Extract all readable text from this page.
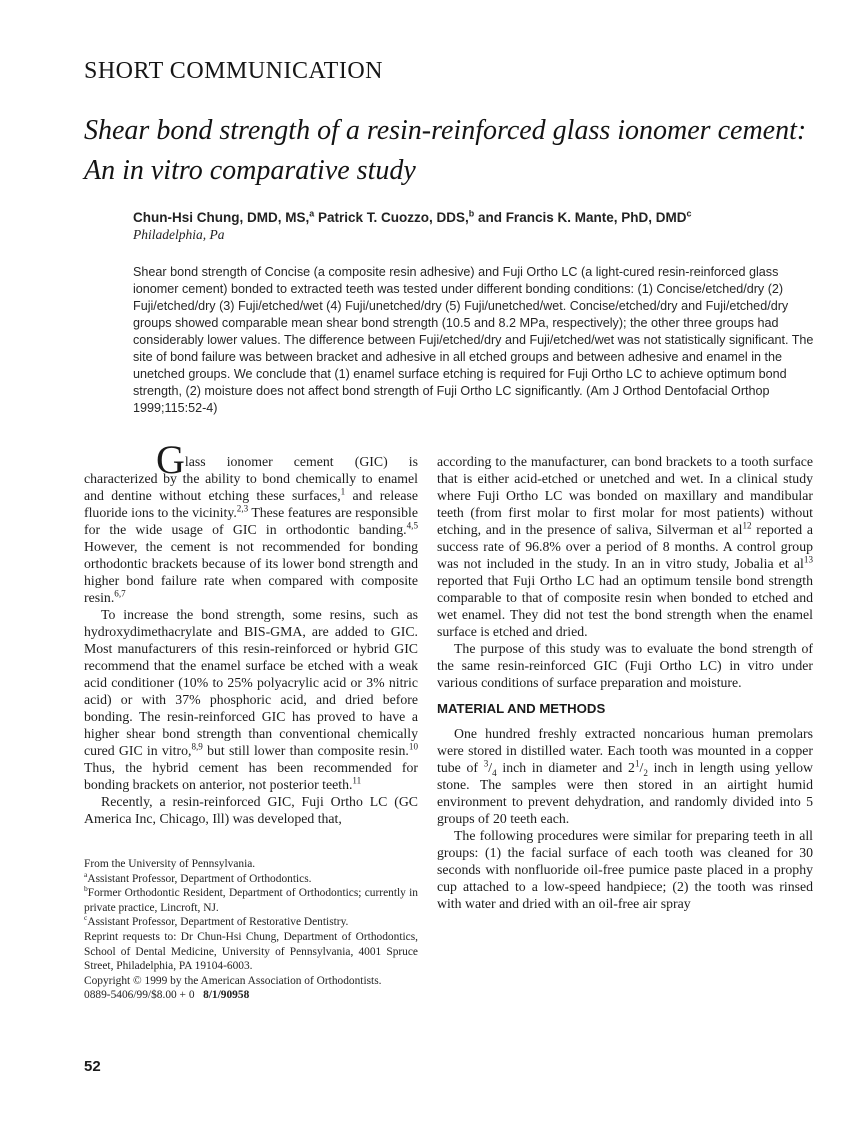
SHORT COMMUNICATION
Shear bond strength of a resin-reinforced glass ionomer cement:
An in vitro comparative study
Chun-Hsi Chung, DMD, MS,$^a$ Patrick T. Cuozzo, DDS,$^b$ and Francis K. Mante, PhD, DMD$^c$
Philadelphia, Pa
Shear bond strength of Concise (a composite resin adhesive) and Fuji Ortho LC (a light-cured resin-reinforced glass ionomer cement) bonded to extracted teeth was tested under different bonding conditions: (1) Concise/etched/dry (2) Fuji/etched/dry (3) Fuji/etched/wet (4) Fuji/unetched/dry (5) Fuji/unetched/wet. Concise/etched/dry and Fuji/etched/dry groups showed comparable mean shear bond strength (10.5 and 8.2 MPa, respectively); the other three groups had considerably lower values. The difference between Fuji/etched/dry and Fuji/etched/wet was not statistically significant. The site of bond failure was between bracket and adhesive in all etched groups and between adhesive and enamel in the unetched groups. We conclude that (1) enamel surface etching is required for Fuji Ortho LC to achieve optimum bond strength, (2) moisture does not affect bond strength of Fuji Ortho LC significantly. (Am J Orthod Dentofacial Orthop 1999;115:52-4)

Glass ionomer cement (GIC) is characterized by the ability to bond chemically to enamel and dentine without etching these surfaces,$^1$ and release fluoride ions to the vicinity.$^{2,3}$ These features are responsible for the wide usage of GIC in orthodontic banding.$^{4,5}$ However, the cement is not recommended for bonding orthodontic brackets because of its lower bond strength and higher bond failure rate when compared with composite resin.$^{6,7}$

To increase the bond strength, some resins, such as hydroxydimethacrylate and BIS-GMA, are added to GIC. Most manufacturers of this resin-reinforced or hybrid GIC recommend that the enamel surface be etched with a weak acid conditioner (10% to 25% polyacrylic acid or 3% nitric acid) or with 37% phosphoric acid, and dried before bonding. The resin-reinforced GIC has proved to have a higher shear bond strength than conventional chemically cured GIC in vitro,$^{8,9}$ but still lower than composite resin.$^{10}$ Thus, the hybrid cement has been recommended for bonding brackets on anterior, not posterior teeth.$^{11}$

Recently, a resin-reinforced GIC, Fuji Ortho LC (GC America Inc, Chicago, Ill) was developed that,

From the University of Pennsylvania.

$^a$Assistant Professor, Department of Orthodontics.

$^b$Former Orthodontic Resident, Department of Orthodontics; currently in private practice, Lincroft, NJ.

$^c$Assistant Professor, Department of Restorative Dentistry.

Reprint requests to: Dr Chun-Hsi Chung, Department of Orthodontics, School of Dental Medicine, University of Pennsylvania, 4001 Spruce Street, Philadelphia, PA 19104-6003.

Copyright © 1999 by the American Association of Orthodontists.

0889-5406/99/$8.00 + 0   8/1/90958

according to the manufacturer, can bond brackets to a tooth surface that is either acid-etched or unetched and wet. In a clinical study where Fuji Ortho LC was bonded on maxillary and mandibular teeth (from first molar to first molar for most patients) without etching, and in the presence of saliva, Silverman et $al^{12}$ reported a success rate of 96.8% over a period of 8 months. A control group was not included in the study. In an in vitro study, Jobalia et $al^{13}$ reported that Fuji Ortho LC had an optimum tensile bond strength comparable to that of composite resin when bonded to etched and wet enamel. They did not test the bond strength when the enamel surface is etched and dried.

The purpose of this study was to evaluate the bond strength of the same resin-reinforced GIC (Fuji Ortho LC) in vitro under various conditions of surface preparation and moisture.

MATERIAL AND METHODS

One hundred freshly extracted noncarious human premolars were stored in distilled water. Each tooth was mounted in a copper tube of $^3/_4$ inch in diameter and $2^1/_2$ inch in length using yellow stone. The samples were then stored in an airtight humid environment to prevent dehydration, and randomly divided into 5 groups of 20 teeth each.

The following procedures were similar for preparing teeth in all groups: (1) the facial surface of each tooth was cleaned for 30 seconds with nonfluoride oil-free pumice paste placed in a prophy cup attached to a low-speed handpiece; (2) the tooth was rinsed with water and dried with an oil-free air spray

52
